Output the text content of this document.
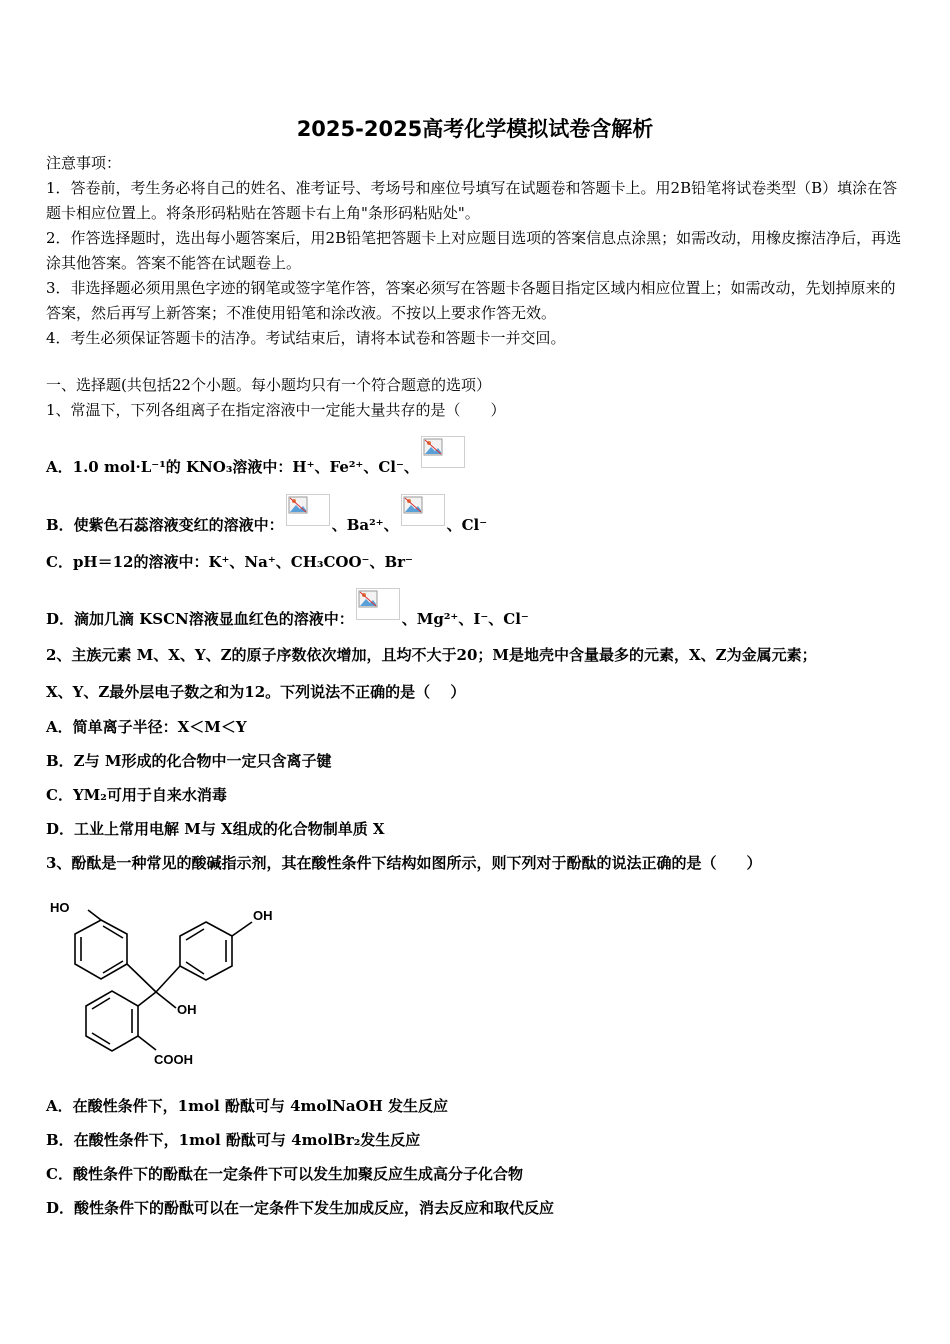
2025-2025高考化学模拟试卷含解析
注意事项：
1．答卷前，考生务必将自己的姓名、准考证号、考场号和座位号填写在试题卷和答题卡上。用2B铅笔将试卷类型（B）填涂在答题卡相应位置上。将条形码粘贴在答题卡右上角"条形码粘贴处"。
2．作答选择题时，选出每小题答案后，用2B铅笔把答题卡上对应题目选项的答案信息点涂黑；如需改动，用橡皮擦洁净后，再选涂其他答案。答案不能答在试题卷上。
3．非选择题必须用黑色字迹的钢笔或签字笔作答，答案必须写在答题卡各题目指定区域内相应位置上；如需改动，先划掉原来的答案，然后再写上新答案；不准使用铅笔和涂改液。不按以上要求作答无效。
4．考生必须保证答题卡的洁净。考试结束后，请将本试卷和答题卡一并交回。
一、选择题(共包括22个小题。每小题均只有一个符合题意的选项）
1、常温下，下列各组离子在指定溶液中一定能大量共存的是（　　）
A．1.0 mol·L⁻¹的 KNO₃溶液中：H⁺、Fe²⁺、Cl⁻、
B．使紫色石蕊溶液变红的溶液中：	、Ba²⁺、	、Cl⁻
C．pH＝12的溶液中：K⁺、Na⁺、CH₃COO⁻、Br⁻
D．滴加几滴 KSCN溶液显血红色的溶液中：	、Mg²⁺、I⁻、Cl⁻
2、主族元素 M、X、Y、Z的原子序数依次增加，且均不大于20；M是地壳中含量最多的元素，X、Z为金属元素；
X、Y、Z最外层电子数之和为12。下列说法不正确的是（　 ）
A．简单离子半径：X＜M＜Y
B．Z与 M形成的化合物中一定只含离子键
C．YM₂可用于自来水消毒
D．工业上常用电解 M与 X组成的化合物制单质 X
3、酚酞是一种常见的酸碱指示剂，其在酸性条件下结构如图所示，则下列对于酚酞的说法正确的是（　　）
HO
OH
OH
COOH
A．在酸性条件下，1mol 酚酞可与 4molNaOH 发生反应
B．在酸性条件下，1mol 酚酞可与 4molBr₂发生反应
C．酸性条件下的酚酞在一定条件下可以发生加聚反应生成高分子化合物
D．酸性条件下的酚酞可以在一定条件下发生加成反应，消去反应和取代反应
